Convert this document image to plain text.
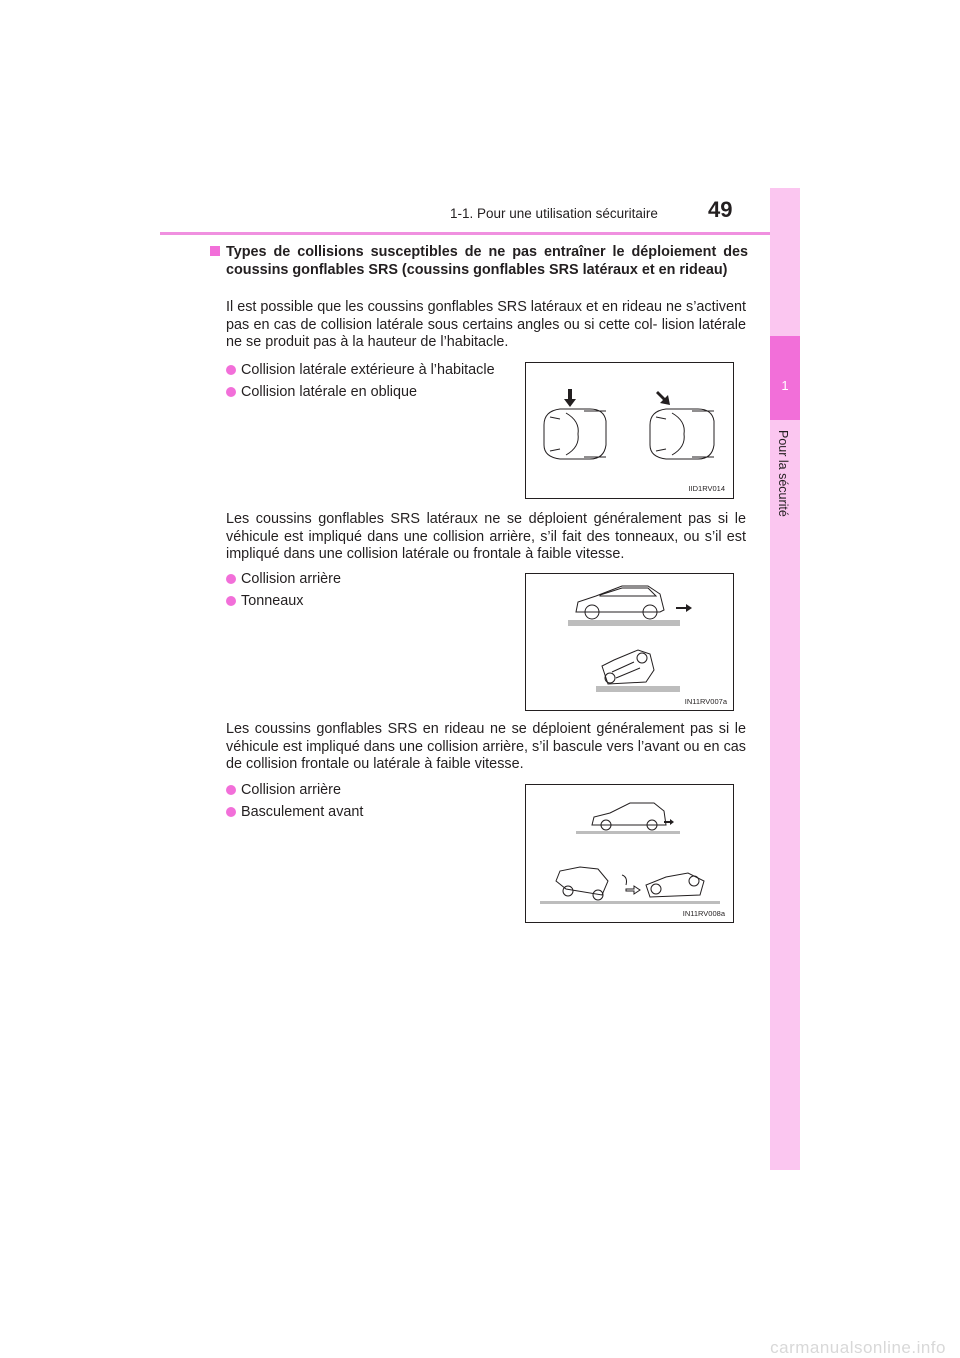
1-1. Pour une utilisation sécuritaire 49
1
Pour la sécurité
Types de collisions susceptibles de ne pas entraîner le déploiement des coussins gonflables SRS (coussins gonflables SRS latéraux et en rideau)
Il est possible que les coussins gonflables SRS latéraux et en rideau ne s’activent pas en cas de collision latérale sous certains angles ou si cette col- lision latérale ne se produit pas à la hauteur de l’habitacle.
Collision latérale extérieure à l’habitacle
Collision latérale en oblique
IID1RV014
Les coussins gonflables SRS latéraux ne se déploient généralement pas si le véhicule est impliqué dans une collision arrière, s’il fait des tonneaux, ou s’il est impliqué dans une collision latérale ou frontale à faible vitesse.
Collision arrière
Tonneaux
IN11RV007a
Les coussins gonflables SRS en rideau ne se déploient généralement pas si le véhicule est impliqué dans une collision arrière, s’il bascule vers l’avant ou en cas de collision frontale ou latérale à faible vitesse.
Collision arrière
Basculement avant
IN11RV008a
carmanualsonline.info
